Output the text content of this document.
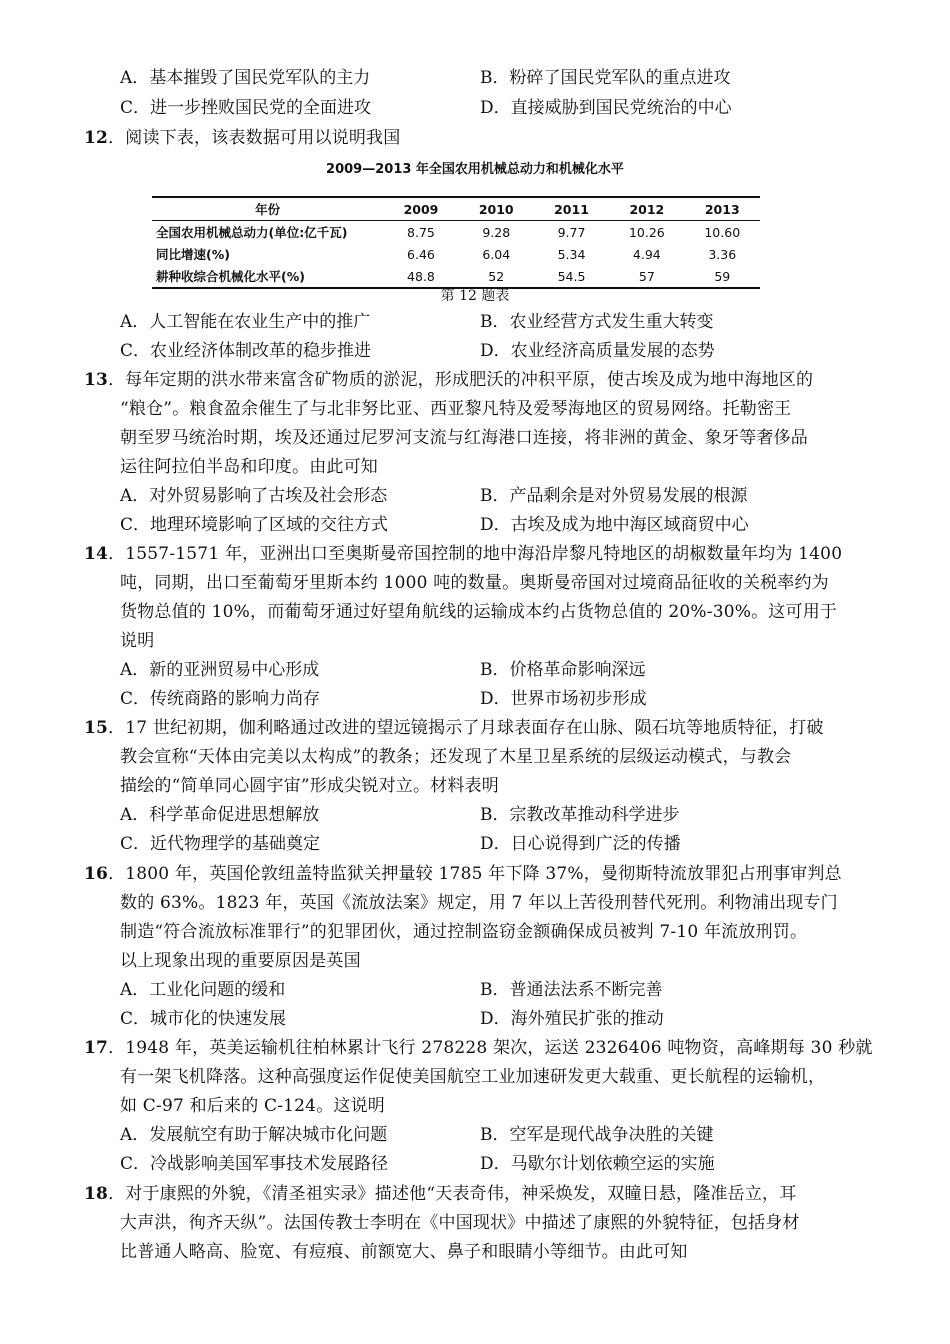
A．基本摧毁了国民党军队的主力	B．粉碎了国民党军队的重点进攻
C．进一步挫败国民党的全面进攻	D．直接威胁到国民党统治的中心
12．阅读下表，该表数据可用以说明我国
2009—2013 年全国农用机械总动力和机械化水平
年份	2009	2010	2011	2012	2013
全国农用机械总动力(单位:亿千瓦)	8.75	9.28	9.77	10.26	10.60
同比增速(%)	6.46	6.04	5.34	4.94	3.36
耕种收综合机械化水平(%)	48.8	52	54.5	57	59
第 12 题表
A．人工智能在农业生产中的推广	B．农业经营方式发生重大转变
C．农业经济体制改革的稳步推进	D．农业经济高质量发展的态势
13．每年定期的洪水带来富含矿物质的淤泥，形成肥沃的冲积平原，使古埃及成为地中海地区的
“粮仓”。粮食盈余催生了与北非努比亚、西亚黎凡特及爱琴海地区的贸易网络。托勒密王
朝至罗马统治时期，埃及还通过尼罗河支流与红海港口连接，将非洲的黄金、象牙等奢侈品
运往阿拉伯半岛和印度。由此可知
A．对外贸易影响了古埃及社会形态	B．产品剩余是对外贸易发展的根源
C．地理环境影响了区域的交往方式	D．古埃及成为地中海区域商贸中心
14．1557-1571 年，亚洲出口至奥斯曼帝国控制的地中海沿岸黎凡特地区的胡椒数量年均为 1400
吨，同期，出口至葡萄牙里斯本约 1000 吨的数量。奥斯曼帝国对过境商品征收的关税率约为
货物总值的 10%，而葡萄牙通过好望角航线的运输成本约占货物总值的 20%-30%。这可用于
说明
A．新的亚洲贸易中心形成	B．价格革命影响深远
C．传统商路的影响力尚存	D．世界市场初步形成
15．17 世纪初期，伽利略通过改进的望远镜揭示了月球表面存在山脉、陨石坑等地质特征，打破
教会宣称“天体由完美以太构成”的教条；还发现了木星卫星系统的层级运动模式，与教会
描绘的“简单同心圆宇宙”形成尖锐对立。材料表明
A．科学革命促进思想解放	B．宗教改革推动科学进步
C．近代物理学的基础奠定	D．日心说得到广泛的传播
16．1800 年，英国伦敦纽盖特监狱关押量较 1785 年下降 37%，曼彻斯特流放罪犯占刑事审判总
数的 63%。1823 年，英国《流放法案》规定，用 7 年以上苦役刑替代死刑。利物浦出现专门
制造“符合流放标准罪行”的犯罪团伙，通过控制盗窃金额确保成员被判 7-10 年流放刑罚。
以上现象出现的重要原因是英国
A．工业化问题的缓和	B．普通法法系不断完善
C．城市化的快速发展	D．海外殖民扩张的推动
17．1948 年，英美运输机往柏林累计飞行 278228 架次，运送 2326406 吨物资，高峰期每 30 秒就
有一架飞机降落。这种高强度运作促使美国航空工业加速研发更大载重、更长航程的运输机，
如 C-97 和后来的 C-124。这说明
A．发展航空有助于解决城市化问题	B．空军是现代战争决胜的关键
C．冷战影响美国军事技术发展路径	D．马歇尔计划依赖空运的实施
18．对于康熙的外貌，《清圣祖实录》描述他“天表奇伟，神采焕发，双瞳日悬，隆准岳立，耳
大声洪，徇齐天纵”。法国传教士李明在《中国现状》中描述了康熙的外貌特征，包括身材
比普通人略高、脸宽、有痘痕、前额宽大、鼻子和眼睛小等细节。由此可知
